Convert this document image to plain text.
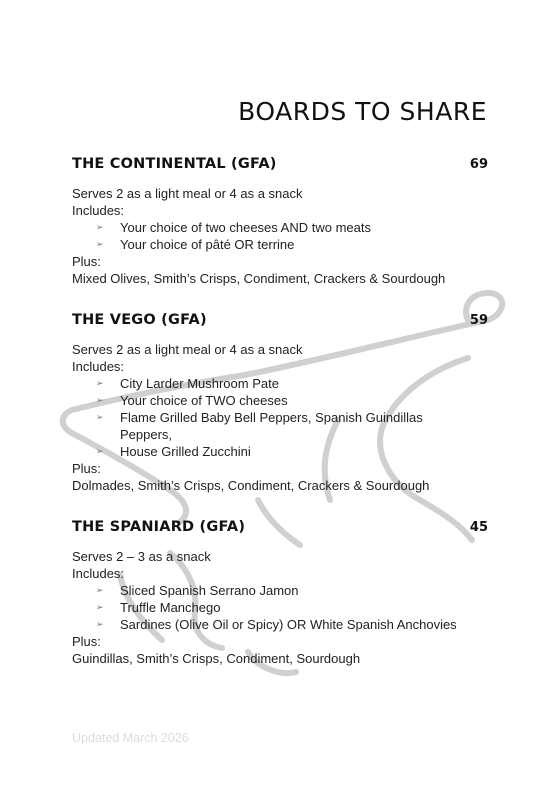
BOARDS TO SHARE
THE CONTINENTAL (GFA)	69
Serves 2 as a light meal or 4 as a snack
Includes:
➢ Your choice of two cheeses AND two meats
➢ Your choice of pâté OR terrine
Plus:
Mixed Olives, Smith’s Crisps, Condiment, Crackers & Sourdough
THE VEGO (GFA)	59
Serves 2 as a light meal or 4 as a snack
Includes:
➢ City Larder Mushroom Pate
➢ Your choice of TWO cheeses
➢ Flame Grilled Baby Bell Peppers, Spanish Guindillas Peppers,
➢ House Grilled Zucchini
Plus:
Dolmades, Smith’s Crisps, Condiment, Crackers & Sourdough
THE SPANIARD (GFA)	45
Serves 2 – 3 as a snack
Includes:
➢ Sliced Spanish Serrano Jamon
➢ Truffle Manchego
➢ Sardines (Olive Oil or Spicy) OR White Spanish Anchovies
Plus:
Guindillas, Smith’s Crisps, Condiment, Sourdough
Updated March 2026
